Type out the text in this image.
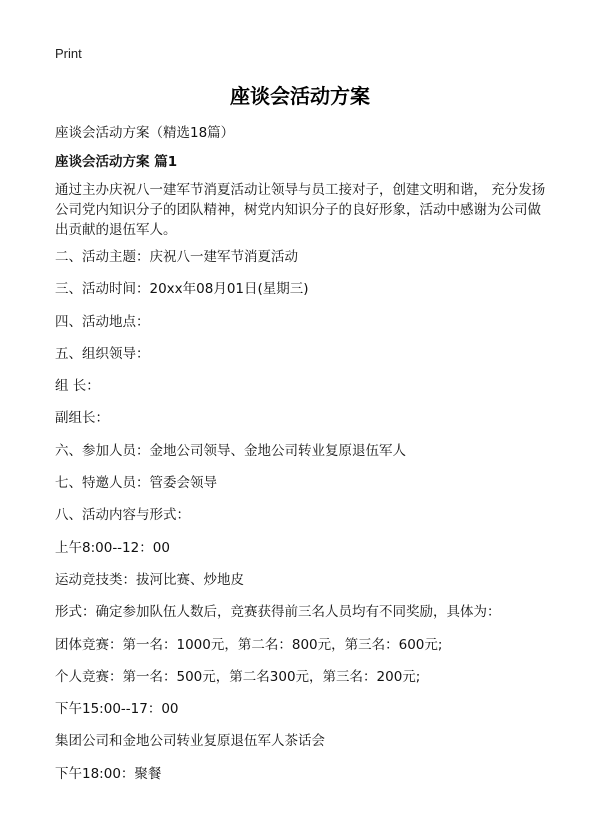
Print
座谈会活动方案
座谈会活动方案（精选18篇）
座谈会活动方案 篇1
通过主办庆祝八一建军节消夏活动让领导与员工接对子，创建文明和谐， 充分发扬公司党内知识分子的团队精神，树党内知识分子的良好形象，活动中感谢为公司做出贡献的退伍军人。
二、活动主题：庆祝八一建军节消夏活动
三、活动时间：20xx年08月01日(星期三)
四、活动地点：
五、组织领导：
组 长：
副组长：
六、参加人员：金地公司领导、金地公司转业复原退伍军人
七、特邀人员：管委会领导
八、活动内容与形式：
上午8:00--12：00
运动竞技类：拔河比赛、炒地皮
形式：确定参加队伍人数后，竞赛获得前三名人员均有不同奖励，具体为：
团体竞赛：第一名：1000元，第二名：800元，第三名：600元;
个人竞赛：第一名：500元，第二名300元，第三名：200元;
下午15:00--17：00
集团公司和金地公司转业复原退伍军人茶话会
下午18:00：聚餐
